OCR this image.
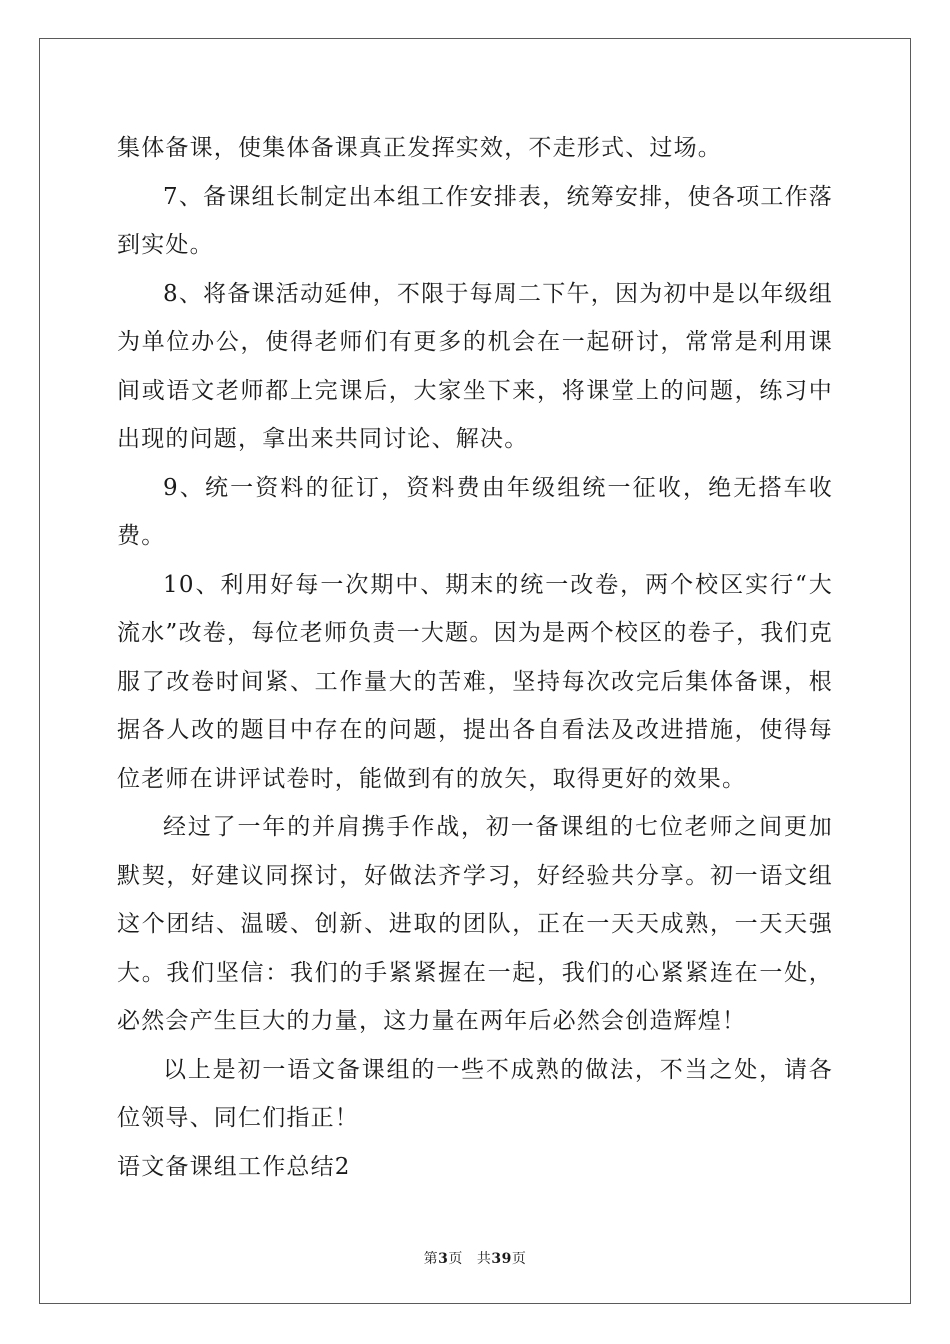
集体备课，使集体备课真正发挥实效，不走形式、过场。

7、备课组长制定出本组工作安排表，统筹安排，使各项工作落到实处。

8、将备课活动延伸，不限于每周二下午，因为初中是以年级组为单位办公，使得老师们有更多的机会在一起研讨，常常是利用课间或语文老师都上完课后，大家坐下来，将课堂上的问题，练习中出现的问题，拿出来共同讨论、解决。

9、统一资料的征订，资料费由年级组统一征收，绝无搭车收费。

10、利用好每一次期中、期末的统一改卷，两个校区实行“大流水”改卷，每位老师负责一大题。因为是两个校区的卷子，我们克服了改卷时间紧、工作量大的苦难，坚持每次改完后集体备课，根据各人改的题目中存在的问题，提出各自看法及改进措施，使得每位老师在讲评试卷时，能做到有的放矢，取得更好的效果。

经过了一年的并肩携手作战，初一备课组的七位老师之间更加默契，好建议同探讨，好做法齐学习，好经验共分享。初一语文组这个团结、温暖、创新、进取的团队，正在一天天成熟，一天天强大。我们坚信：我们的手紧紧握在一起，我们的心紧紧连在一处，必然会产生巨大的力量，这力量在两年后必然会创造辉煌！

以上是初一语文备课组的一些不成熟的做法，不当之处，请各位领导、同仁们指正！

语文备课组工作总结2

第3页 共39页
